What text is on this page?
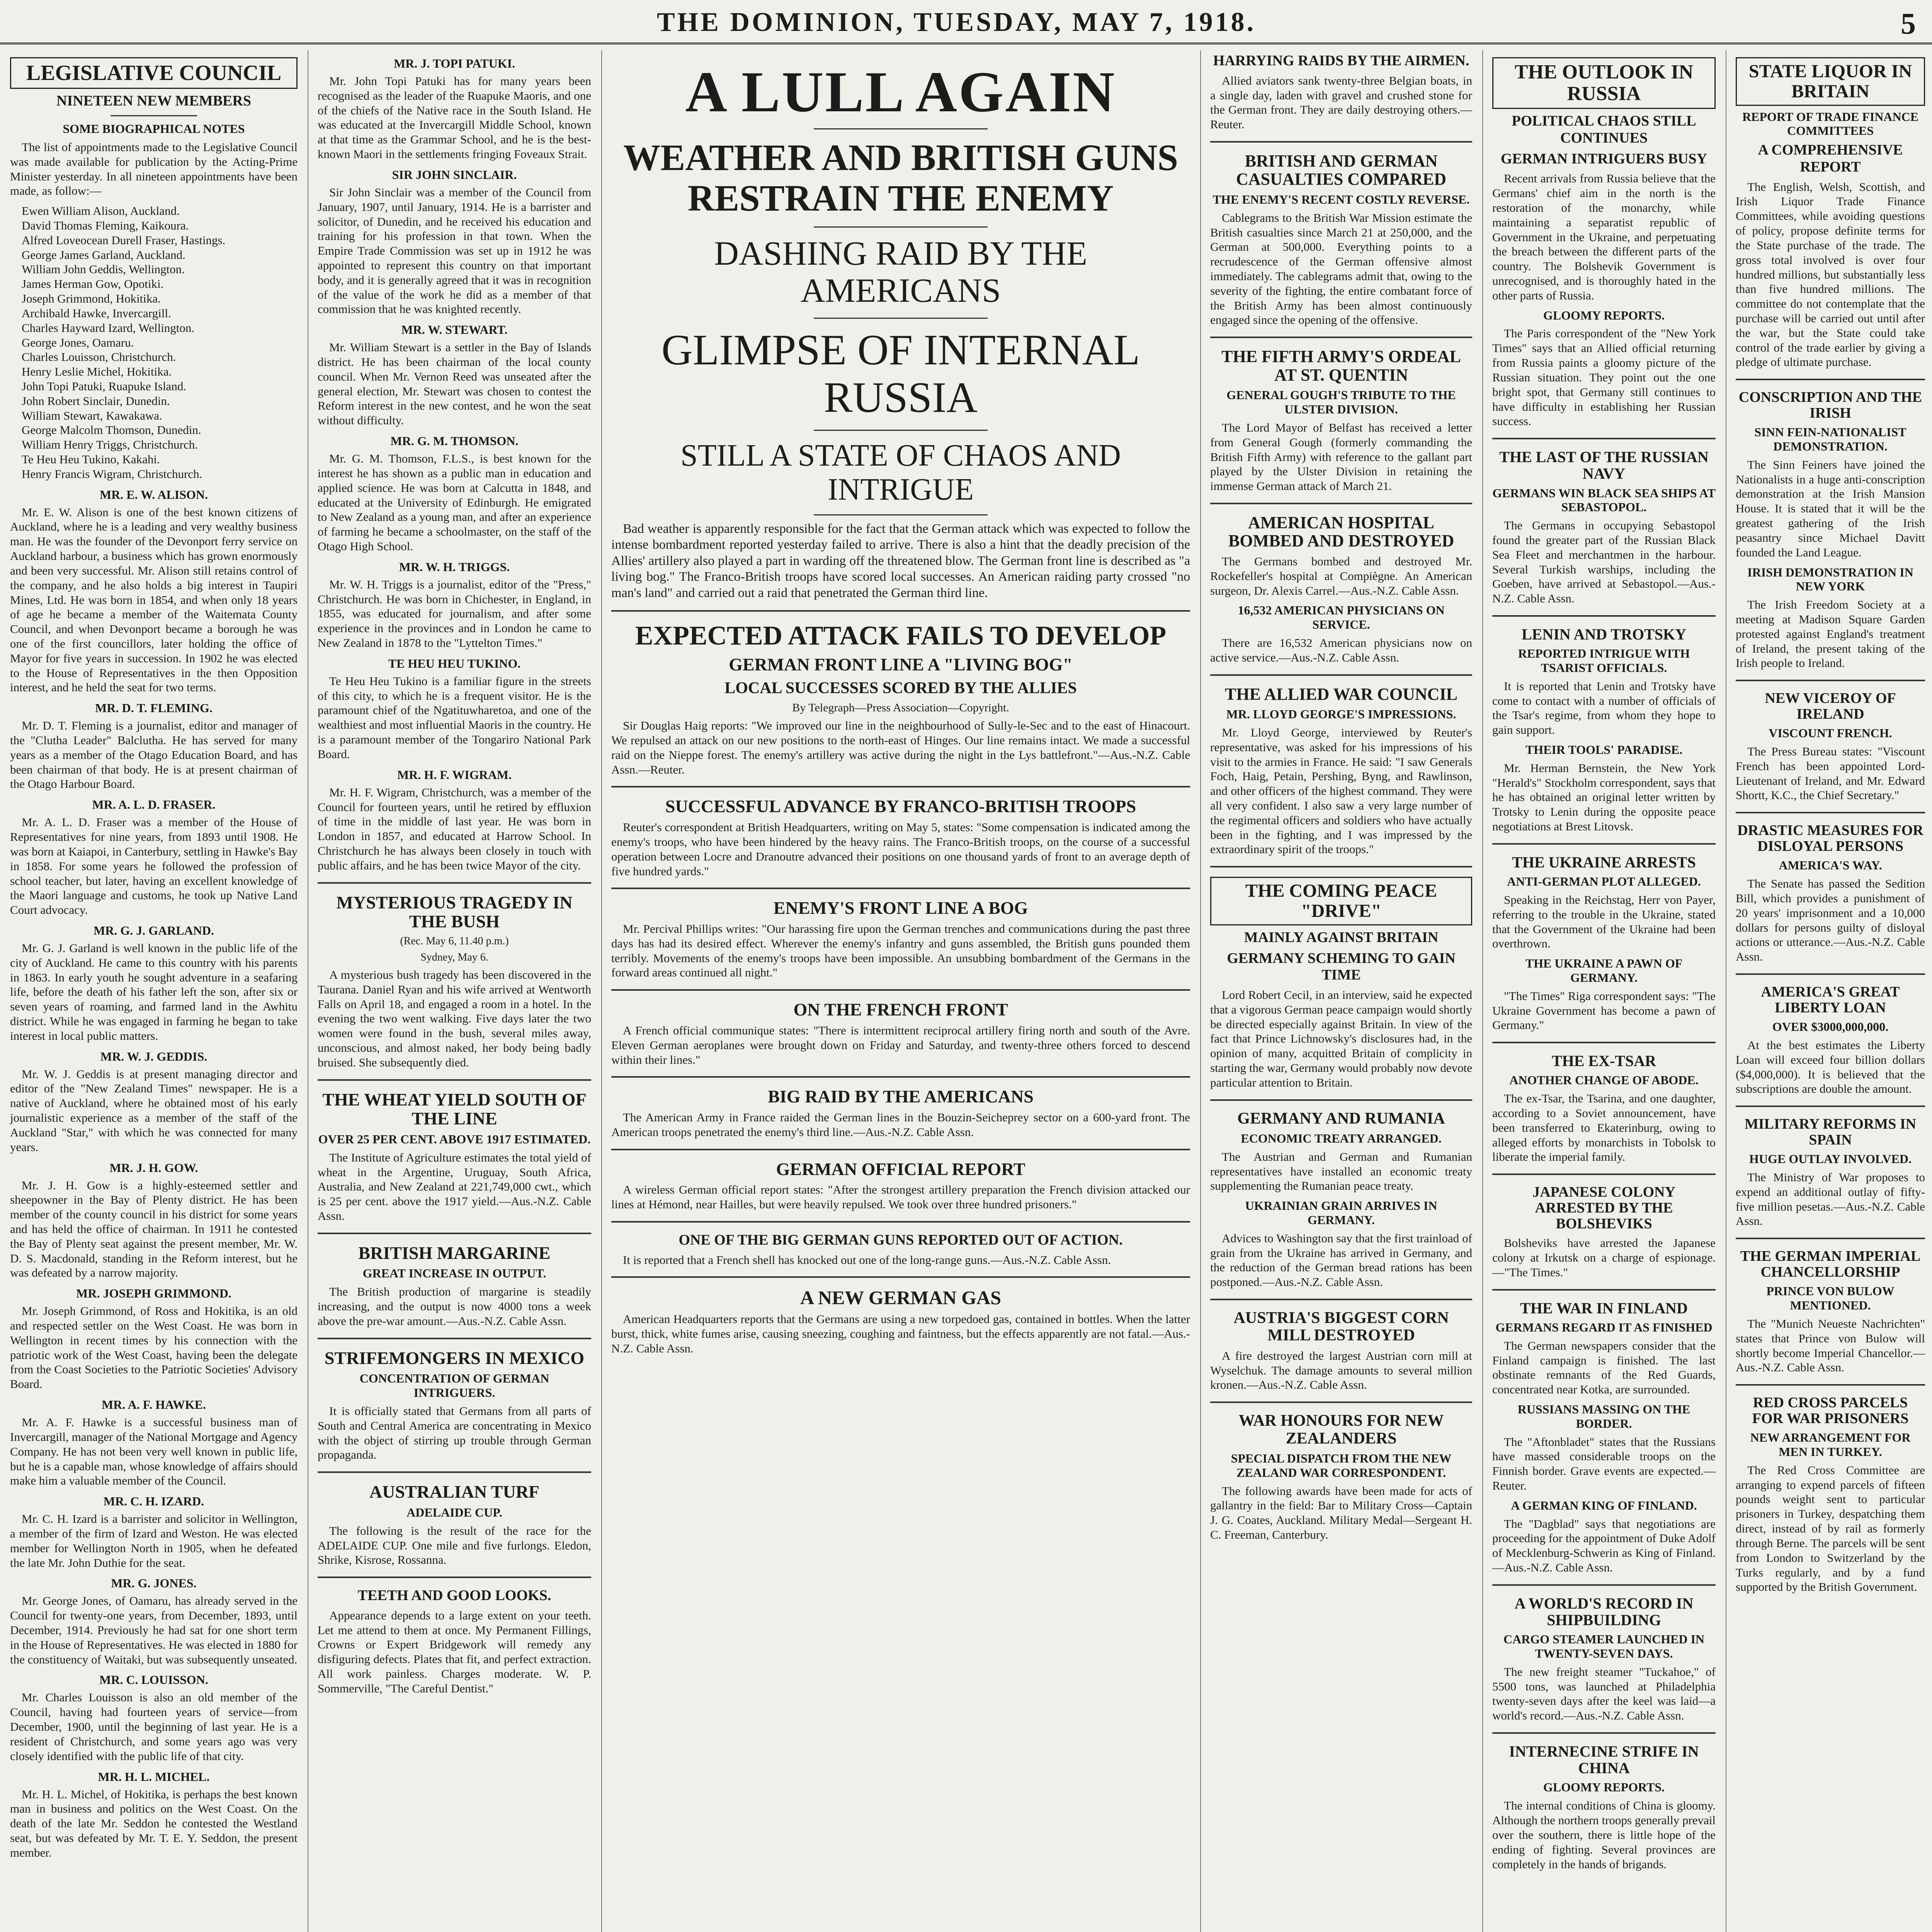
THE DOMINION, TUESDAY, MAY 7, 1918.	5
LEGISLATIVE COUNCIL
NINETEEN NEW MEMBERS
SOME BIOGRAPHICAL NOTES

The list of appointments made to the Legislative Council was made available for publication by the Acting-Prime Minister yesterday. In all nineteen appointments have been made, as follow:—

Ewen William Alison, Auckland.
David Thomas Fleming, Kaikoura.
Alfred Loveocean Durell Fraser, Hastings.
George James Garland, Auckland.
William John Geddis, Wellington.
James Herman Gow, Opotiki.
Joseph Grimmond, Hokitika.
Archibald Hawke, Invercargill.
Charles Hayward Izard, Wellington.
George Jones, Oamaru.
Charles Louisson, Christchurch.
Henry Leslie Michel, Hokitika.
John Topi Patuki, Ruapuke Island.
John Robert Sinclair, Dunedin.
William Stewart, Kawakawa.
George Malcolm Thomson, Dunedin.
William Henry Triggs, Christchurch.
Te Heu Heu Tukino, Kakahi.
Henry Francis Wigram, Christchurch.
MR. E. W. ALISON.

Mr. E. W. Alison is one of the best known citizens of Auckland, where he is a leading and very wealthy business man. He was the founder of the Devonport ferry service on Auckland harbour, a business which has grown enormously and been very successful. Mr. Alison still retains control of the company, and he also holds a big interest in Taupiri Mines, Ltd. He was born in 1854, and when only 18 years of age he became a member of the Waitemata County Council, and when Devonport became a borough he was one of the first councillors, later holding the office of Mayor for five years in succession. In 1902 he was elected to the House of Representatives in the then Opposition interest, and he held the seat for two terms.

MR. D. T. FLEMING.

Mr. D. T. Fleming is a journalist, editor and manager of the "Clutha Leader" Balclutha. He has served for many years as a member of the Otago Education Board, and has been chairman of that body. He is at present chairman of the Otago Harbour Board.

MR. A. L. D. FRASER.

Mr. A. L. D. Fraser was a member of the House of Representatives for nine years, from 1893 until 1908. He was born at Kaiapoi, in Canterbury, settling in Hawke's Bay in 1858. For some years he followed the profession of school teacher, but later, having an excellent knowledge of the Maori language and customs, he took up Native Land Court advocacy.

MR. G. J. GARLAND.

Mr. G. J. Garland is well known in the public life of the city of Auckland. He came to this country with his parents in 1863. In early youth he sought adventure in a seafaring life, before the death of his father left the son, after six or seven years of roaming, and farmed land in the Awhitu district. While he was engaged in farming he began to take interest in local public matters.

MR. W. J. GEDDIS.

Mr. W. J. Geddis is at present managing director and editor of the "New Zealand Times" newspaper. He is a native of Auckland, where he obtained most of his early journalistic experience as a member of the staff of the Auckland "Star," with which he was connected for many years.

MR. J. H. GOW.

Mr. J. H. Gow is a highly-esteemed settler and sheepowner in the Bay of Plenty district. He has been member of the county council in his district for some years and has held the office of chairman. In 1911 he contested the Bay of Plenty seat against the present member, Mr. W. D. S. Macdonald, standing in the Reform interest, but he was defeated by a narrow majority.

MR. JOSEPH GRIMMOND.

Mr. Joseph Grimmond, of Ross and Hokitika, is an old and respected settler on the West Coast. He was born in Wellington in recent times by his connection with the patriotic work of the West Coast, having been the delegate from the Coast Societies to the Patriotic Societies' Advisory Board.

MR. A. F. HAWKE.

Mr. A. F. Hawke is a successful business man of Invercargill, manager of the National Mortgage and Agency Company. He has not been very well known in public life, but he is a capable man, whose knowledge of affairs should make him a valuable member of the Council.

MR. C. H. IZARD.

Mr. C. H. Izard is a barrister and solicitor in Wellington, a member of the firm of Izard and Weston. He was elected member for Wellington North in 1905, when he defeated the late Mr. John Duthie for the seat.

MR. G. JONES.

Mr. George Jones, of Oamaru, has already served in the Council for twenty-one years, from December, 1893, until December, 1914. Previously he had sat for one short term in the House of Representatives. He was elected in 1880 for the constituency of Waitaki, but was subsequently unseated.

MR. C. LOUISSON.

Mr. Charles Louisson is also an old member of the Council, having had fourteen years of service—from December, 1900, until the beginning of last year. He is a resident of Christchurch, and some years ago was very closely identified with the public life of that city.

MR. H. L. MICHEL.

Mr. H. L. Michel, of Hokitika, is perhaps the best known man in business and politics on the West Coast. On the death of the late Mr. Seddon he contested the Westland seat, but was defeated by Mr. T. E. Y. Seddon, the present member.

MR. J. TOPI PATUKI.

Mr. John Topi Patuki has for many years been recognised as the leader of the Ruapuke Maoris, and one of the chiefs of the Native race in the South Island. He was educated at the Invercargill Middle School, known at that time as the Grammar School, and he is the best-known Maori in the settlements fringing Foveaux Strait.

SIR JOHN SINCLAIR.

Sir John Sinclair was a member of the Council from January, 1907, until January, 1914. He is a barrister and solicitor, of Dunedin, and he received his education and training for his profession in that town. When the Empire Trade Commission was set up in 1912 he was appointed to represent this country on that important body, and it is generally agreed that it was in recognition of the value of the work he did as a member of that commission that he was knighted recently.

MR. W. STEWART.

Mr. William Stewart is a settler in the Bay of Islands district. He has been chairman of the local county council. When Mr. Vernon Reed was unseated after the general election, Mr. Stewart was chosen to contest the Reform interest in the new contest, and he won the seat without difficulty.

MR. G. M. THOMSON.

Mr. G. M. Thomson, F.L.S., is best known for the interest he has shown as a public man in education and applied science. He was born at Calcutta in 1848, and educated at the University of Edinburgh. He emigrated to New Zealand as a young man, and after an experience of farming he became a schoolmaster, on the staff of the Otago High School.

MR. W. H. TRIGGS.

Mr. W. H. Triggs is a journalist, editor of the "Press," Christchurch. He was born in Chichester, in England, in 1855, was educated for journalism, and after some experience in the provinces and in London he came to New Zealand in 1878 to the "Lyttelton Times."

TE HEU HEU TUKINO.

Te Heu Heu Tukino is a familiar figure in the streets of this city, to which he is a frequent visitor. He is the paramount chief of the Ngatituwharetoa, and one of the wealthiest and most influential Maoris in the country. He is a paramount member of the Tongariro National Park Board.

MR. H. F. WIGRAM.

Mr. H. F. Wigram, Christchurch, was a member of the Council for fourteen years, until he retired by effluxion of time in the middle of last year. He was born in London in 1857, and educated at Harrow School. In Christchurch he has always been closely in touch with public affairs, and he has been twice Mayor of the city.

MYSTERIOUS TRAGEDY IN THE BUSH
(Rec. May 6, 11.40 p.m.)
Sydney, May 6.

A mysterious bush tragedy has been discovered in the Taurana. Daniel Ryan and his wife arrived at Wentworth Falls on April 18, and engaged a room in a hotel. In the evening the two went walking. Five days later the two women were found in the bush, several miles away, unconscious, and almost naked, her body being badly bruised. She subsequently died.

THE WHEAT YIELD SOUTH OF THE LINE
OVER 25 PER CENT. ABOVE 1917 ESTIMATED.

The Institute of Agriculture estimates the total yield of wheat in the Argentine, Uruguay, South Africa, Australia, and New Zealand at 221,749,000 cwt., which is 25 per cent. above the 1917 yield.—Aus.-N.Z. Cable Assn.

BRITISH MARGARINE
GREAT INCREASE IN OUTPUT.

The British production of margarine is steadily increasing, and the output is now 4000 tons a week above the pre-war amount.—Aus.-N.Z. Cable Assn.

STRIFEMONGERS IN MEXICO
CONCENTRATION OF GERMAN INTRIGUERS.

It is officially stated that Germans from all parts of South and Central America are concentrating in Mexico with the object of stirring up trouble through German propaganda.

AUSTRALIAN TURF
ADELAIDE CUP.

The following is the result of the race for the ADELAIDE CUP. One mile and five furlongs. Eledon, Shrike, Kisrose, Rossanna.

TEETH AND GOOD LOOKS.

Appearance depends to a large extent on your teeth. Let me attend to them at once. My Permanent Fillings, Crowns or Expert Bridgework will remedy any disfiguring defects. Plates that fit, and perfect extraction. All work painless. Charges moderate. W. P. Sommerville, "The Careful Dentist."

A LULL AGAIN
WEATHER AND BRITISH GUNS RESTRAIN THE ENEMY
DASHING RAID BY THE AMERICANS
GLIMPSE OF INTERNAL RUSSIA
STILL A STATE OF CHAOS AND INTRIGUE

Bad weather is apparently responsible for the fact that the German attack which was expected to follow the intense bombardment reported yesterday failed to arrive. There is also a hint that the deadly precision of the Allies' artillery also played a part in warding off the threatened blow. The German front line is described as "a living bog." The Franco-British troops have scored local successes. An American raiding party crossed "no man's land" and carried out a raid that penetrated the German third line.

EXPECTED ATTACK FAILS TO DEVELOP
GERMAN FRONT LINE A "LIVING BOG"
LOCAL SUCCESSES SCORED BY THE ALLIES
By Telegraph—Press Association—Copyright.

Sir Douglas Haig reports: "We improved our line in the neighbourhood of Sully-le-Sec and to the east of Hinacourt. We repulsed an attack on our new positions to the north-east of Hinges. Our line remains intact. We made a successful raid on the Nieppe forest. The enemy's artillery was active during the night in the Lys battlefront."—Aus.-N.Z. Cable Assn.—Reuter.

SUCCESSFUL ADVANCE BY FRANCO-BRITISH TROOPS

Reuter's correspondent at British Headquarters, writing on May 5, states: "Some compensation is indicated among the enemy's troops, who have been hindered by the heavy rains. The Franco-British troops, on the course of a successful operation between Locre and Dranoutre advanced their positions on one thousand yards of front to an average depth of five hundred yards."

ENEMY'S FRONT LINE A BOG

Mr. Percival Phillips writes: "Our harassing fire upon the German trenches and communications during the past three days has had its desired effect. Wherever the enemy's infantry and guns assembled, the British guns pounded them terribly. Movements of the enemy's troops have been impossible. An unsubbing bombardment of the Germans in the forward areas continued all night."

ON THE FRENCH FRONT

A French official communique states: "There is intermittent reciprocal artillery firing north and south of the Avre. Eleven German aeroplanes were brought down on Friday and Saturday, and twenty-three others forced to descend within their lines."

BIG RAID BY THE AMERICANS

The American Army in France raided the German lines in the Bouzin-Seicheprey sector on a 600-yard front. The American troops penetrated the enemy's third line.—Aus.-N.Z. Cable Assn.

GERMAN OFFICIAL REPORT

A wireless German official report states: "After the strongest artillery preparation the French division attacked our lines at Hémond, near Hailles, but were heavily repulsed. We took over three hundred prisoners."

ONE OF THE BIG GERMAN GUNS REPORTED OUT OF ACTION.

It is reported that a French shell has knocked out one of the long-range guns.—Aus.-N.Z. Cable Assn.

A NEW GERMAN GAS

American Headquarters reports that the Germans are using a new torpedoed gas, contained in bottles. When the latter burst, thick, white fumes arise, causing sneezing, coughing and faintness, but the effects apparently are not fatal.—Aus.-N.Z. Cable Assn.

HARRYING RAIDS BY THE AIRMEN.

Allied aviators sank twenty-three Belgian boats, in a single day, laden with gravel and crushed stone for the German front. They are daily destroying others.—Reuter.

BRITISH AND GERMAN CASUALTIES COMPARED
THE ENEMY'S RECENT COSTLY REVERSE.

Cablegrams to the British War Mission estimate the British casualties since March 21 at 250,000, and the German at 500,000. Everything points to a recrudescence of the German offensive almost immediately. The cablegrams admit that, owing to the severity of the fighting, the entire combatant force of the British Army has been almost continuously engaged since the opening of the offensive.

THE FIFTH ARMY'S ORDEAL AT ST. QUENTIN
GENERAL GOUGH'S TRIBUTE TO THE ULSTER DIVISION.

The Lord Mayor of Belfast has received a letter from General Gough (formerly commanding the British Fifth Army) with reference to the gallant part played by the Ulster Division in retaining the immense German attack of March 21.

AMERICAN HOSPITAL BOMBED AND DESTROYED

The Germans bombed and destroyed Mr. Rockefeller's hospital at Compiègne. An American surgeon, Dr. Alexis Carrel.—Aus.-N.Z. Cable Assn.

16,532 AMERICAN PHYSICIANS ON SERVICE.

There are 16,532 American physicians now on active service.—Aus.-N.Z. Cable Assn.

THE ALLIED WAR COUNCIL
MR. LLOYD GEORGE'S IMPRESSIONS.

Mr. Lloyd George, interviewed by Reuter's representative, was asked for his impressions of his visit to the armies in France. He said: "I saw Generals Foch, Haig, Petain, Pershing, Byng, and Rawlinson, and other officers of the highest command. They were all very confident. I also saw a very large number of the regimental officers and soldiers who have actually been in the fighting, and I was impressed by the extraordinary spirit of the troops."

THE COMING PEACE "DRIVE"
MAINLY AGAINST BRITAIN
GERMANY SCHEMING TO GAIN TIME

Lord Robert Cecil, in an interview, said he expected that a vigorous German peace campaign would shortly be directed especially against Britain. In view of the fact that Prince Lichnowsky's disclosures had, in the opinion of many, acquitted Britain of complicity in starting the war, Germany would probably now devote particular attention to Britain.

GERMANY AND RUMANIA
ECONOMIC TREATY ARRANGED.

The Austrian and German and Rumanian representatives have installed an economic treaty supplementing the Rumanian peace treaty.

UKRAINIAN GRAIN ARRIVES IN GERMANY.

Advices to Washington say that the first trainload of grain from the Ukraine has arrived in Germany, and the reduction of the German bread rations has been postponed.—Aus.-N.Z. Cable Assn.

AUSTRIA'S BIGGEST CORN MILL DESTROYED

A fire destroyed the largest Austrian corn mill at Wyselchuk. The damage amounts to several million kronen.—Aus.-N.Z. Cable Assn.

WAR HONOURS FOR NEW ZEALANDERS
SPECIAL DISPATCH FROM THE NEW ZEALAND WAR CORRESPONDENT.

The following awards have been made for acts of gallantry in the field: Bar to Military Cross—Captain J. G. Coates, Auckland. Military Medal—Sergeant H. C. Freeman, Canterbury.

THE OUTLOOK IN RUSSIA
POLITICAL CHAOS STILL CONTINUES
GERMAN INTRIGUERS BUSY

Recent arrivals from Russia believe that the Germans' chief aim in the north is the restoration of the monarchy, while maintaining a separatist republic of Government in the Ukraine, and perpetuating the breach between the different parts of the country. The Bolshevik Government is unrecognised, and is thoroughly hated in the other parts of Russia.

GLOOMY REPORTS.

The Paris correspondent of the "New York Times" says that an Allied official returning from Russia paints a gloomy picture of the Russian situation. They point out the one bright spot, that Germany still continues to have difficulty in establishing her Russian success.

THE LAST OF THE RUSSIAN NAVY
GERMANS WIN BLACK SEA SHIPS AT SEBASTOPOL.

The Germans in occupying Sebastopol found the greater part of the Russian Black Sea Fleet and merchantmen in the harbour. Several Turkish warships, including the Goeben, have arrived at Sebastopol.—Aus.-N.Z. Cable Assn.

LENIN AND TROTSKY
REPORTED INTRIGUE WITH TSARIST OFFICIALS.

It is reported that Lenin and Trotsky have come to contact with a number of officials of the Tsar's regime, from whom they hope to gain support.

THEIR TOOLS' PARADISE.

Mr. Herman Bernstein, the New York "Herald's" Stockholm correspondent, says that he has obtained an original letter written by Trotsky to Lenin during the opposite peace negotiations at Brest Litovsk.

THE UKRAINE ARRESTS
ANTI-GERMAN PLOT ALLEGED.

Speaking in the Reichstag, Herr von Payer, referring to the trouble in the Ukraine, stated that the Government of the Ukraine had been overthrown.

THE UKRAINE A PAWN OF GERMANY.

"The Times" Riga correspondent says: "The Ukraine Government has become a pawn of Germany."

THE EX-TSAR
ANOTHER CHANGE OF ABODE.

The ex-Tsar, the Tsarina, and one daughter, according to a Soviet announcement, have been transferred to Ekaterinburg, owing to alleged efforts by monarchists in Tobolsk to liberate the imperial family.

JAPANESE COLONY ARRESTED BY THE BOLSHEVIKS

Bolsheviks have arrested the Japanese colony at Irkutsk on a charge of espionage.—"The Times."

THE WAR IN FINLAND
GERMANS REGARD IT AS FINISHED

The German newspapers consider that the Finland campaign is finished. The last obstinate remnants of the Red Guards, concentrated near Kotka, are surrounded.

RUSSIANS MASSING ON THE BORDER.

The "Aftonbladet" states that the Russians have massed considerable troops on the Finnish border. Grave events are expected.—Reuter.

A GERMAN KING OF FINLAND.

The "Dagblad" says that negotiations are proceeding for the appointment of Duke Adolf of Mecklenburg-Schwerin as King of Finland.—Aus.-N.Z. Cable Assn.

A WORLD'S RECORD IN SHIPBUILDING
CARGO STEAMER LAUNCHED IN TWENTY-SEVEN DAYS.

The new freight steamer "Tuckahoe," of 5500 tons, was launched at Philadelphia twenty-seven days after the keel was laid—a world's record.—Aus.-N.Z. Cable Assn.

INTERNECINE STRIFE IN CHINA
GLOOMY REPORTS.

The internal conditions of China is gloomy. Although the northern troops generally prevail over the southern, there is little hope of the ending of fighting. Several provinces are completely in the hands of brigands.

STATE LIQUOR IN BRITAIN
REPORT OF TRADE FINANCE COMMITTEES
A COMPREHENSIVE REPORT

The English, Welsh, Scottish, and Irish Liquor Trade Finance Committees, while avoiding questions of policy, propose definite terms for the State purchase of the trade. The gross total involved is over four hundred millions, but substantially less than five hundred millions. The committee do not contemplate that the purchase will be carried out until after the war, but the State could take control of the trade earlier by giving a pledge of ultimate purchase.

CONSCRIPTION AND THE IRISH
SINN FEIN-NATIONALIST DEMONSTRATION.

The Sinn Feiners have joined the Nationalists in a huge anti-conscription demonstration at the Irish Mansion House. It is stated that it will be the greatest gathering of the Irish peasantry since Michael Davitt founded the Land League.

IRISH DEMONSTRATION IN NEW YORK

The Irish Freedom Society at a meeting at Madison Square Garden protested against England's treatment of Ireland, the present taking of the Irish people to Ireland.

NEW VICEROY OF IRELAND
VISCOUNT FRENCH.

The Press Bureau states: "Viscount French has been appointed Lord-Lieutenant of Ireland, and Mr. Edward Shortt, K.C., the Chief Secretary."

DRASTIC MEASURES FOR DISLOYAL PERSONS
AMERICA'S WAY.

The Senate has passed the Sedition Bill, which provides a punishment of 20 years' imprisonment and a 10,000 dollars for persons guilty of disloyal actions or utterance.—Aus.-N.Z. Cable Assn.

AMERICA'S GREAT LIBERTY LOAN
OVER $3000,000,000.

At the best estimates the Liberty Loan will exceed four billion dollars ($4,000,000). It is believed that the subscriptions are double the amount.

MILITARY REFORMS IN SPAIN
HUGE OUTLAY INVOLVED.

The Ministry of War proposes to expend an additional outlay of fifty-five million pesetas.—Aus.-N.Z. Cable Assn.

THE GERMAN IMPERIAL CHANCELLORSHIP
PRINCE VON BULOW MENTIONED.

The "Munich Neueste Nachrichten" states that Prince von Bulow will shortly become Imperial Chancellor.—Aus.-N.Z. Cable Assn.

RED CROSS PARCELS FOR WAR PRISONERS
NEW ARRANGEMENT FOR MEN IN TURKEY.

The Red Cross Committee are arranging to expend parcels of fifteen pounds weight sent to particular prisoners in Turkey, despatching them direct, instead of by rail as formerly through Berne. The parcels will be sent from London to Switzerland by the Turks regularly, and by a fund supported by the British Government.
